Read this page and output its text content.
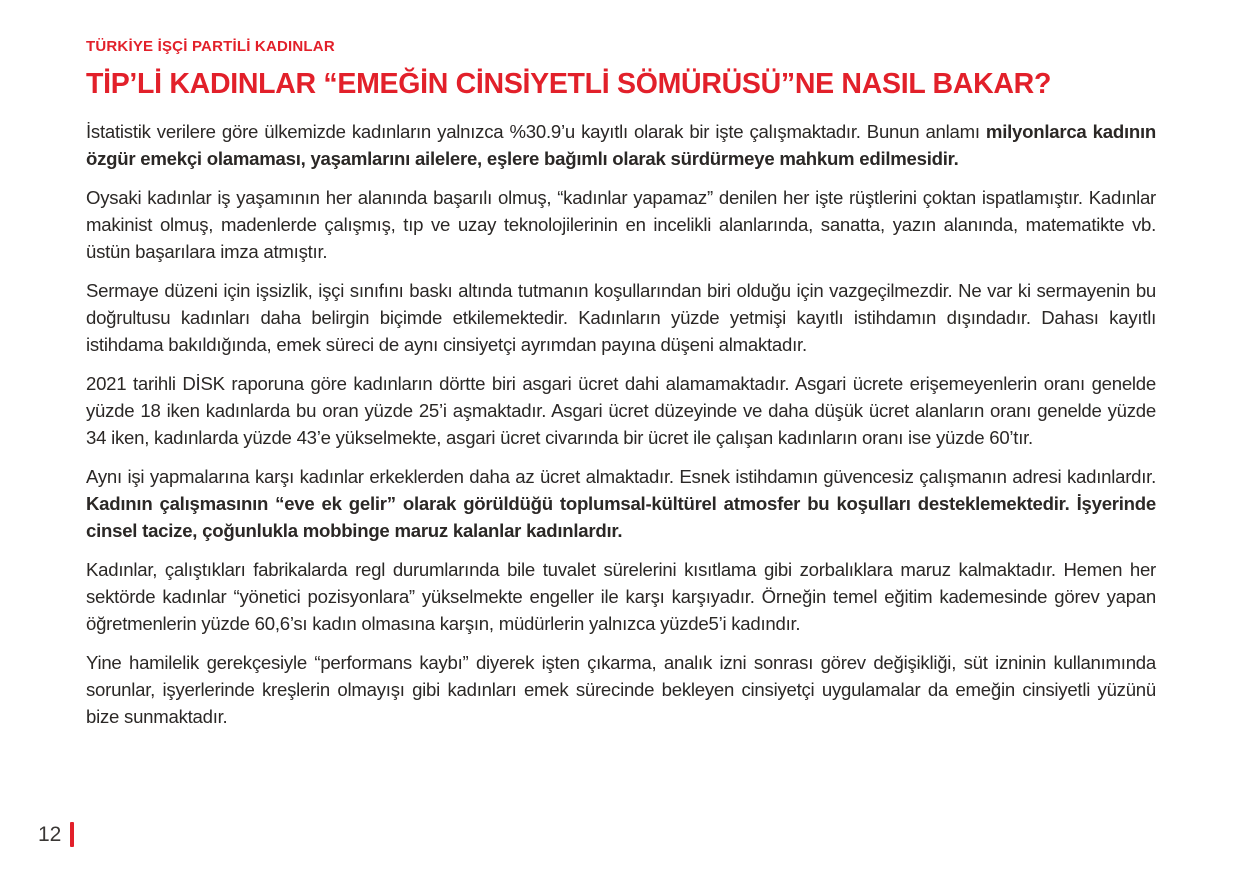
TÜRKİYE İŞÇİ PARTİLİ KADINLAR

TİP’Lİ KADINLAR “EMEĞİN CİNSİYETLİ SÖMÜRÜSÜ”NE NASIL BAKAR?

İstatistik verilere göre ülkemizde kadınların yalnızca %30.9’u kayıtlı olarak bir işte çalışmaktadır. Bunun anlamı milyonlarca kadının özgür emekçi olamaması, yaşamlarını ailelere, eşlere bağımlı olarak sürdürmeye mahkum edilmesidir.

Oysaki kadınlar iş yaşamının her alanında başarılı olmuş, “kadınlar yapamaz” denilen her işte rüştlerini çoktan ispatlamıştır. Kadınlar makinist olmuş, madenlerde çalışmış, tıp ve uzay teknolojilerinin en incelikli alanlarında, sanatta, yazın alanında, matematikte vb. üstün başarılara imza atmıştır.

Sermaye düzeni için işsizlik, işçi sınıfını baskı altında tutmanın koşullarından biri olduğu için vazgeçilmezdir. Ne var ki sermayenin bu doğrultusu kadınları daha belirgin biçimde etkilemektedir. Kadınların yüzde yetmişi kayıtlı istihdamın dışındadır. Dahası kayıtlı istihdama bakıldığında, emek süreci de aynı cinsiyetçi ayrımdan payına düşeni almaktadır.

2021 tarihli DİSK raporuna göre kadınların dörtte biri asgari ücret dahi alamamaktadır. Asgari ücrete erişemeyenlerin oranı genelde yüzde 18 iken kadınlarda bu oran yüzde 25’i aşmaktadır. Asgari ücret düzeyinde ve daha düşük ücret alanların oranı genelde yüzde 34 iken, kadınlarda yüzde 43’e yükselmekte, asgari ücret civarında bir ücret ile çalışan kadınların oranı ise yüzde 60’tır.

Aynı işi yapmalarına karşı kadınlar erkeklerden daha az ücret almaktadır. Esnek istihdamın güvencesiz çalışmanın adresi kadınlardır. Kadının çalışmasının “eve ek gelir” olarak görüldüğü toplumsal-kültürel atmosfer bu koşulları desteklemektedir. İşyerinde cinsel tacize, çoğunlukla mobbinge maruz kalanlar kadınlardır.

Kadınlar, çalıştıkları fabrikalarda regl durumlarında bile tuvalet sürelerini kısıtlama gibi zorbalıklara maruz kalmaktadır. Hemen her sektörde kadınlar “yönetici pozisyonlara” yükselmekte engeller ile karşı karşıyadır. Örneğin temel eğitim kademesinde görev yapan öğretmenlerin yüzde 60,6’sı kadın olmasına karşın, müdürlerin yalnızca yüzde5’i kadındır.

Yine hamilelik gerekçesiyle “performans kaybı” diyerek işten çıkarma, analık izni sonrası görev değişikliği, süt izninin kullanımında sorunlar, işyerlerinde kreşlerin olmayışı gibi kadınları emek sürecinde bekleyen cinsiyetçi uygulamalar da emeğin cinsiyetli yüzünü bize sunmaktadır.

12
